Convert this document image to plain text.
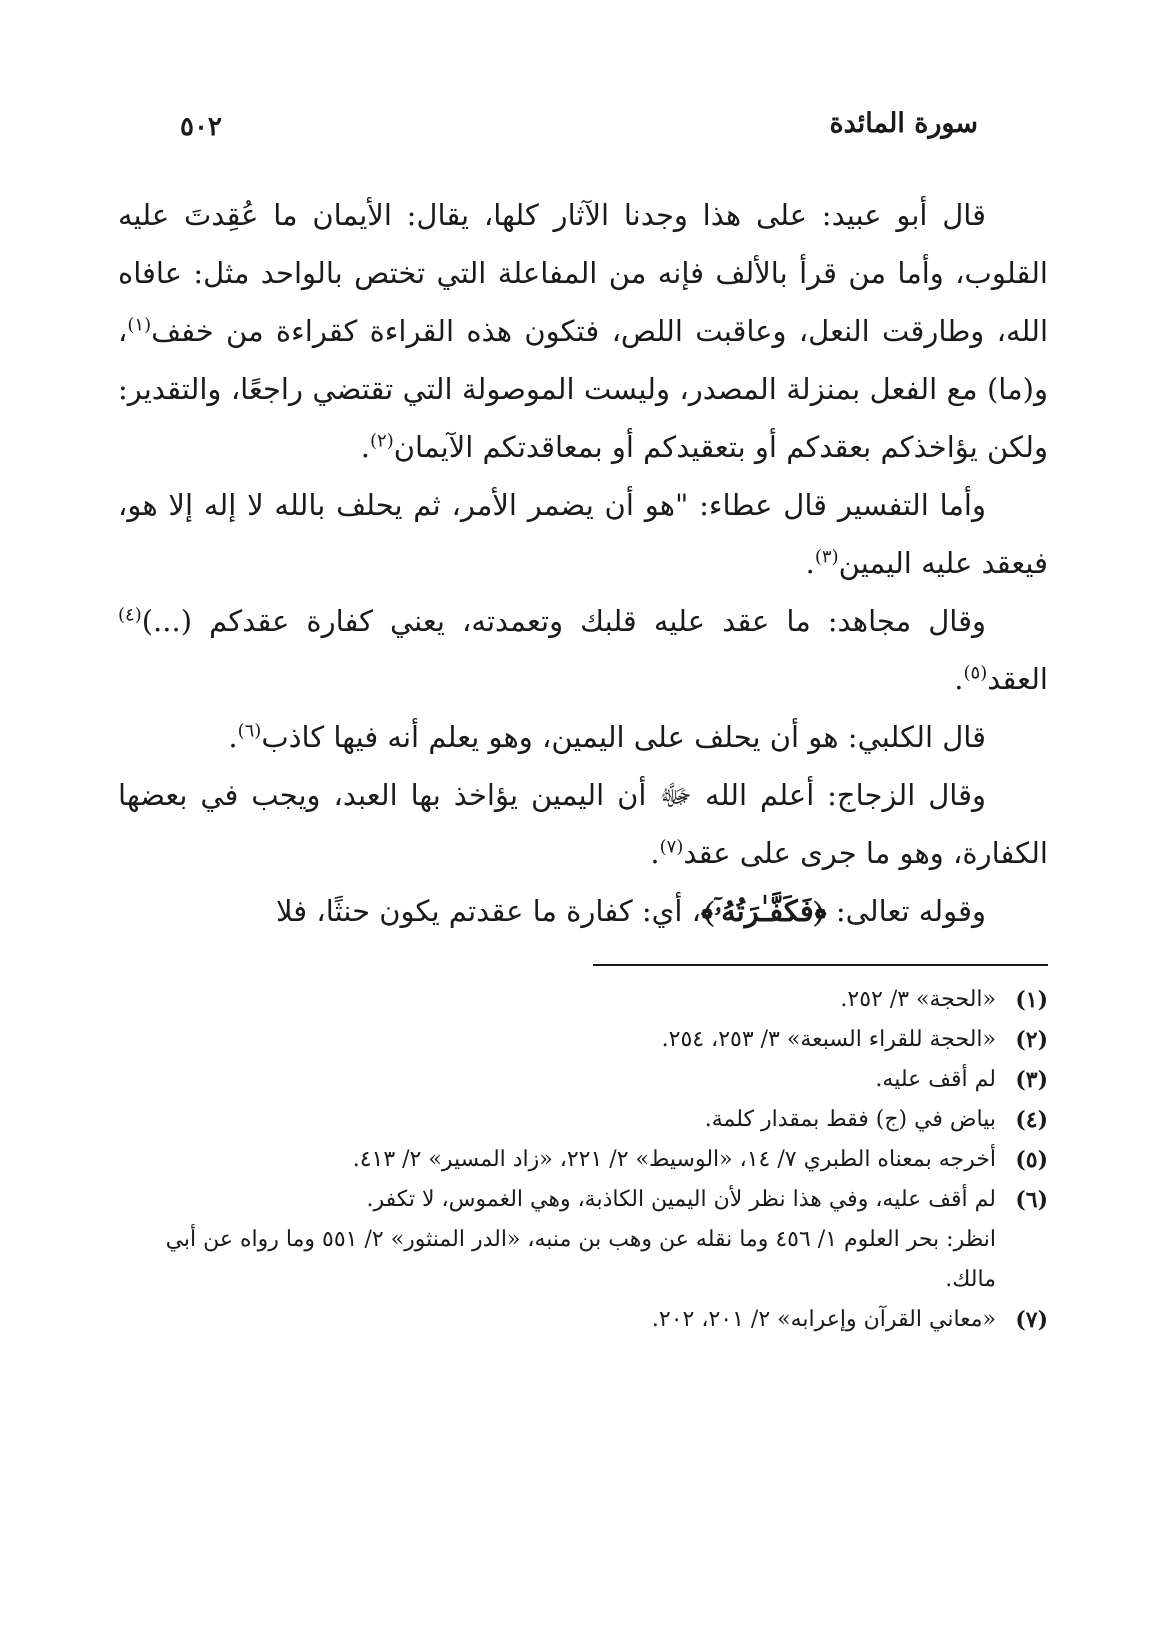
سورة المائدة
٥٠٢

قال أبو عبيد: على هذا وجدنا الآثار كلها، يقال: الأيمان ما عُقِدتَ عليه القلوب، وأما من قرأ بالألف فإنه من المفاعلة التي تختص بالواحد مثل: عافاه الله، وطارقت النعل، وعاقبت اللص، فتكون هذه القراءة كقراءة من خفف$^{(١)}$، و(ما) مع الفعل بمنزلة المصدر، وليست الموصولة التي تقتضي راجعًا، والتقدير: ولكن يؤاخذكم بعقدكم أو بتعقيدكم أو بمعاقدتكم الآيمان$^{(٢)}$.

وأما التفسير قال عطاء: "هو أن يضمر الأمر، ثم يحلف بالله لا إله إلا هو، فيعقد عليه اليمين$^{(٣)}$.

وقال مجاهد: ما عقد عليه قلبك وتعمدته، يعني كفارة عقدكم (...)$^{(٤)}$ العقد$^{(٥)}$.

قال الكلبي: هو أن يحلف على اليمين، وهو يعلم أنه فيها كاذب$^{(٦)}$.

وقال الزجاج: أعلم الله ﷻ أن اليمين يؤاخذ بها العبد، ويجب في بعضها الكفارة، وهو ما جرى على عقد$^{(٧)}$.

وقوله تعالى: ﴿فَكَفَّـٰرَتُهُۥٓ﴾، أي: كفارة ما عقدتم يكون حنثًا، فلا

(١)
«الحجة» ٣/ ٢٥٢.
(٢)
«الحجة للقراء السبعة» ٣/ ٢٥٣، ٢٥٤.
(٣)
لم أقف عليه.
(٤)
بياض في (ج) فقط بمقدار كلمة.
(٥)
أخرجه بمعناه الطبري ٧/ ١٤، «الوسيط» ٢/ ٢٢١، «زاد المسير» ٢/ ٤١٣.
(٦)
لم أقف عليه، وفي هذا نظر لأن اليمين الكاذبة، وهي الغموس، لا تكفر.
انظر: بحر العلوم ١/ ٤٥٦ وما نقله عن وهب بن منبه، «الدر المنثور» ٢/ ٥٥١ وما رواه عن أبي مالك.
(٧)
«معاني القرآن وإعرابه» ٢/ ٢٠١، ٢٠٢.
